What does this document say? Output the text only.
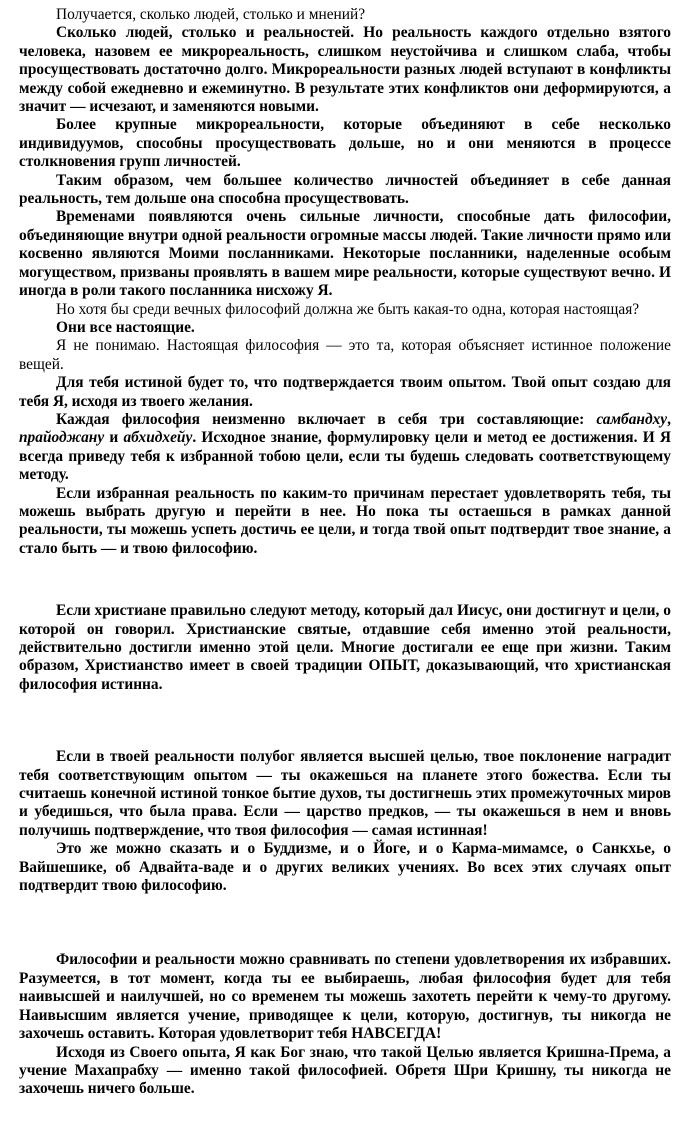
Получается, сколько людей, столько и мнений?

Сколько людей, столько и реальностей. Но реальность каждого отдельно взятого человека, назовем ее микрореальность, слишком неустойчива и слишком слаба, чтобы просуществовать достаточно долго. Микрореальности разных людей вступают в конфликты между собой ежедневно и ежеминутно. В результате этих конфликтов они деформируются, а значит — исчезают, и заменяются новыми.

Более крупные микрореальности, которые объединяют в себе несколько индивидуумов, способны просуществовать дольше, но и они меняются в процессе столкновения групп личностей.

Таким образом, чем большее количество личностей объединяет в себе данная реальность, тем дольше она способна просуществовать.

Временами появляются очень сильные личности, способные дать философии, объединяющие внутри одной реальности огромные массы людей. Такие личности прямо или косвенно являются Моими посланниками. Некоторые посланники, наделенные особым могуществом, призваны проявлять в вашем мире реальности, которые существуют вечно. И иногда в роли такого посланника нисхожу Я.

Но хотя бы среди вечных философий должна же быть какая-то одна, которая настоящая?

Они все настоящие.

Я не понимаю. Настоящая философия — это та, которая объясняет истинное положение вещей.

Для тебя истиной будет то, что подтверждается твоим опытом. Твой опыт создаю для тебя Я, исходя из твоего желания.

Каждая философия неизменно включает в себя три составляющие: самбандху, прайоджану и абхидхейу. Исходное знание, формулировку цели и метод ее достижения. И Я всегда приведу тебя к избранной тобою цели, если ты будешь следовать соответствующему методу.

Если избранная реальность по каким-то причинам перестает удовлетворять тебя, ты можешь выбрать другую и перейти в нее. Но пока ты остаешься в рамках данной реальности, ты можешь успеть достичь ее цели, и тогда твой опыт подтвердит твое знание, а стало быть — и твою философию.

Если христиане правильно следуют методу, который дал Иисус, они достигнут и цели, о которой он говорил. Христианские святые, отдавшие себя именно этой реальности, действительно достигли именно этой цели. Многие достигали ее еще при жизни. Таким образом, Христианство имеет в своей традиции ОПЫТ, доказывающий, что христианская философия истинна.

Если в твоей реальности полубог является высшей целью, твое поклонение наградит тебя соответствующим опытом — ты окажешься на планете этого божества. Если ты считаешь конечной истиной тонкое бытие духов, ты достигнешь этих промежуточных миров и убедишься, что была права. Если — царство предков, — ты окажешься в нем и вновь получишь подтверждение, что твоя философия — самая истинная!

Это же можно сказать и о Буддизме, и о Йоге, и о Карма-мимамсе, о Санкхье, о Вайшешике, об Адвайта-ваде и о других великих учениях. Во всех этих случаях опыт подтвердит твою философию.

Философии и реальности можно сравнивать по степени удовлетворения их избравших. Разумеется, в тот момент, когда ты ее выбираешь, любая философия будет для тебя наивысшей и наилучшей, но со временем ты можешь захотеть перейти к чему-то другому. Наивысшим является учение, приводящее к цели, которую, достигнув, ты никогда не захочешь оставить. Которая удовлетворит тебя НАВСЕГДА!

Исходя из Своего опыта, Я как Бог знаю, что такой Целью является Кришна-Према, а учение Махапрабху — именно такой философией. Обретя Шри Кришну, ты никогда не захочешь ничего больше.
